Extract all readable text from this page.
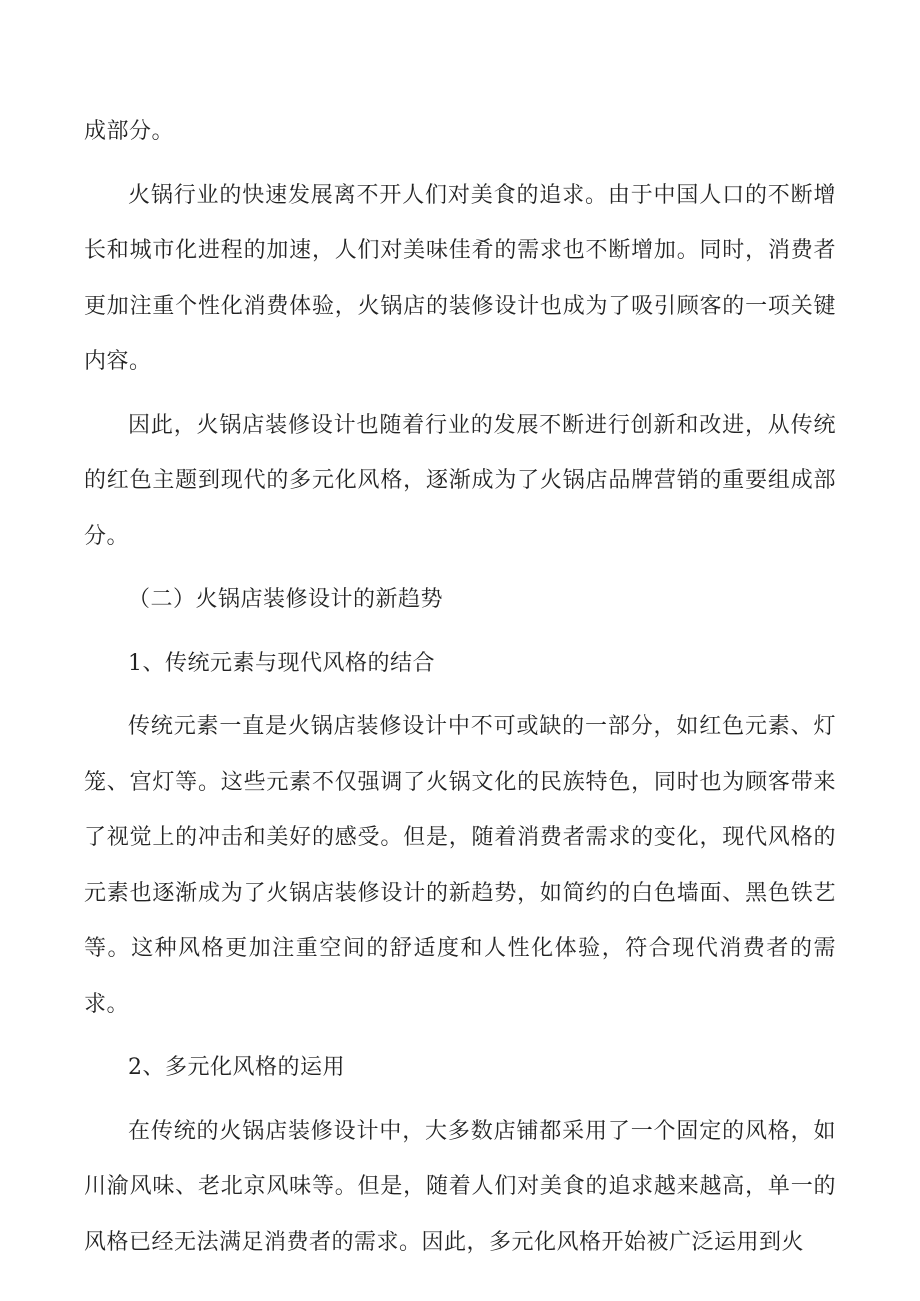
成部分。

火锅行业的快速发展离不开人们对美食的追求。由于中国人口的不断增长和城市化进程的加速，人们对美味佳肴的需求也不断增加。同时，消费者更加注重个性化消费体验，火锅店的装修设计也成为了吸引顾客的一项关键内容。

因此，火锅店装修设计也随着行业的发展不断进行创新和改进，从传统的红色主题到现代的多元化风格，逐渐成为了火锅店品牌营销的重要组成部分。

（二）火锅店装修设计的新趋势

1、传统元素与现代风格的结合

传统元素一直是火锅店装修设计中不可或缺的一部分，如红色元素、灯笼、宫灯等。这些元素不仅强调了火锅文化的民族特色，同时也为顾客带来了视觉上的冲击和美好的感受。但是，随着消费者需求的变化，现代风格的元素也逐渐成为了火锅店装修设计的新趋势，如简约的白色墙面、黑色铁艺等。这种风格更加注重空间的舒适度和人性化体验，符合现代消费者的需求。

2、多元化风格的运用

在传统的火锅店装修设计中，大多数店铺都采用了一个固定的风格，如川渝风味、老北京风味等。但是，随着人们对美食的追求越来越高，单一的风格已经无法满足消费者的需求。因此，多元化风格开始被广泛运用到火
